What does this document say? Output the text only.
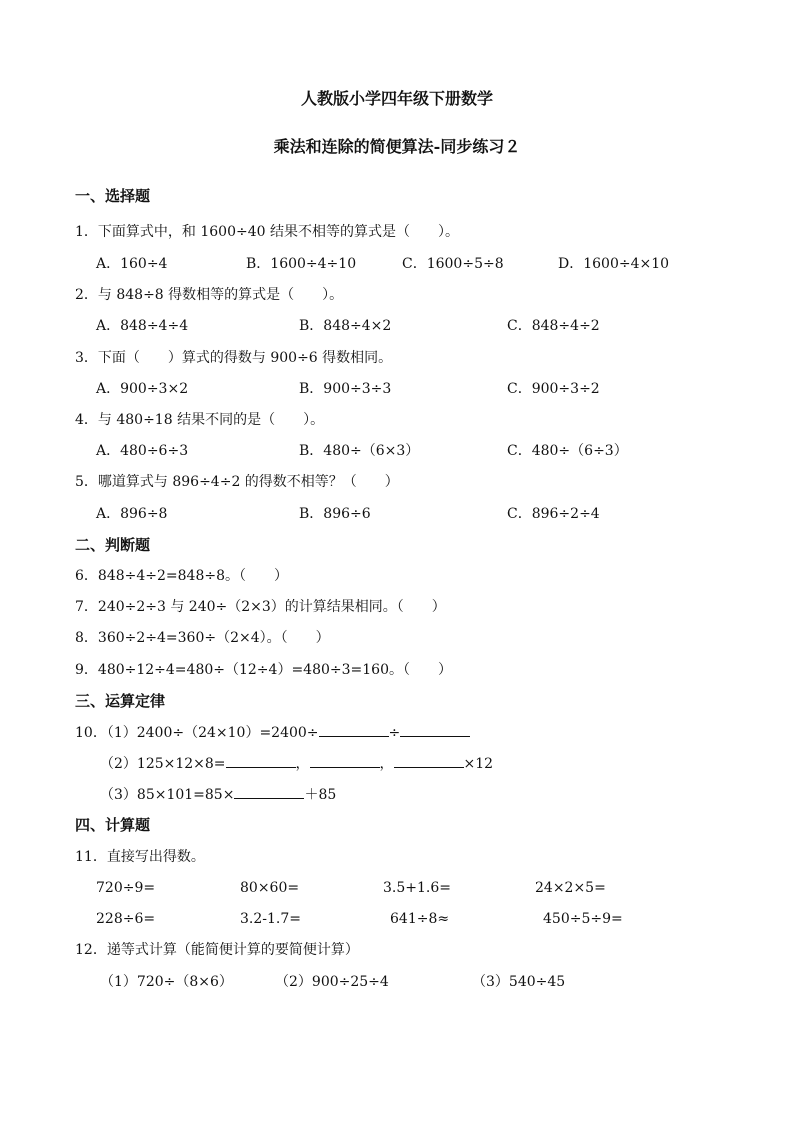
人教版小学四年级下册数学
乘法和连除的简便算法-同步练习２
一、选择题
1．下面算式中，和 1600÷40 结果不相等的算式是（　　）。
A．160÷4	B．1600÷4÷10	C．1600÷5÷8	D．1600÷4×10
2．与 848÷8 得数相等的算式是（　　）。
A．848÷4÷4	B．848÷4×2	C．848÷4÷2
3．下面（　　）算式的得数与 900÷6 得数相同。
A．900÷3×2	B．900÷3÷3	C．900÷3÷2
4．与 480÷18 结果不同的是（　　）。
A．480÷6÷3	B．480÷（6×3）	C．480÷（6÷3）
5．哪道算式与 896÷4÷2 的得数不相等？（　　）
A．896÷8	B．896÷6	C．896÷2÷4
二、判断题
6．848÷4÷2=848÷8。（　　）
7．240÷2÷3 与 240÷（2×3）的计算结果相同。（　　）
8．360÷2÷4=360÷（2×4）。（　　）
9．480÷12÷4=480÷（12÷4）=480÷3=160。（　　）
三、运算定律
10．（1）2400÷（24×10）=2400÷	÷
（2）125×12×8=	，	，	×12
（3）85×101=85×	＋85
四、计算题
11．直接写出得数。
720÷9=	80×60=	3.5+1.6=	24×2×5=
228÷6=	3.2-1.7=	641÷8≈	450÷5÷9=
12．递等式计算（能简便计算的要简便计算）
（1）720÷（8×6）	（2）900÷25÷4	（3）540÷45
